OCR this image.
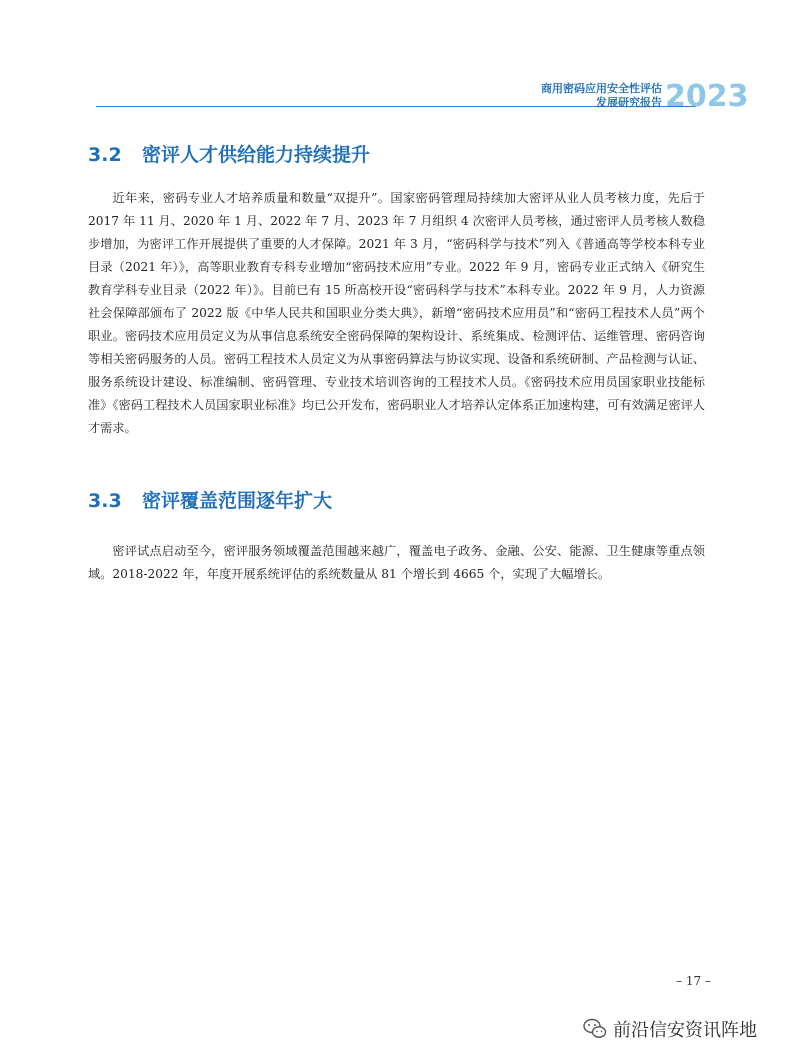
商用密码应用安全性评估
发展研究报告 2023
3.2 密评人才供给能力持续提升

近年来，密码专业人才培养质量和数量“双提升”。国家密码管理局持续加大密评从业人员考核力度，先后于 2017 年 11 月、2020 年 1 月、2022 年 7 月、2023 年 7 月组织 4 次密评人员考核，通过密评人员考核人数稳步增加，为密评工作开展提供了重要的人才保障。2021 年 3 月，“密码科学与技术”列入《普通高等学校本科专业目录（2021 年）》，高等职业教育专科专业增加“密码技术应用”专业。2022 年 9 月，密码专业正式纳入《研究生教育学科专业目录（2022 年）》。目前已有 15 所高校开设“密码科学与技术”本科专业。2022 年 9 月，人力资源社会保障部颁布了 2022 版《中华人民共和国职业分类大典》，新增“密码技术应用员”和“密码工程技术人员”两个职业。密码技术应用员定义为从事信息系统安全密码保障的架构设计、系统集成、检测评估、运维管理、密码咨询等相关密码服务的人员。密码工程技术人员定义为从事密码算法与协议实现、设备和系统研制、产品检测与认证、服务系统设计建设、标准编制、密码管理、专业技术培训咨询的工程技术人员。《密码技术应用员国家职业技能标准》《密码工程技术人员国家职业标准》均已公开发布，密码职业人才培养认定体系正加速构建，可有效满足密评人才需求。

3.3 密评覆盖范围逐年扩大

密评试点启动至今，密评服务领域覆盖范围越来越广，覆盖电子政务、金融、公安、能源、卫生健康等重点领域。2018-2022 年，年度开展系统评估的系统数量从 81 个增长到 4665 个，实现了大幅增长。

– 17 –
前沿信安资讯阵地
